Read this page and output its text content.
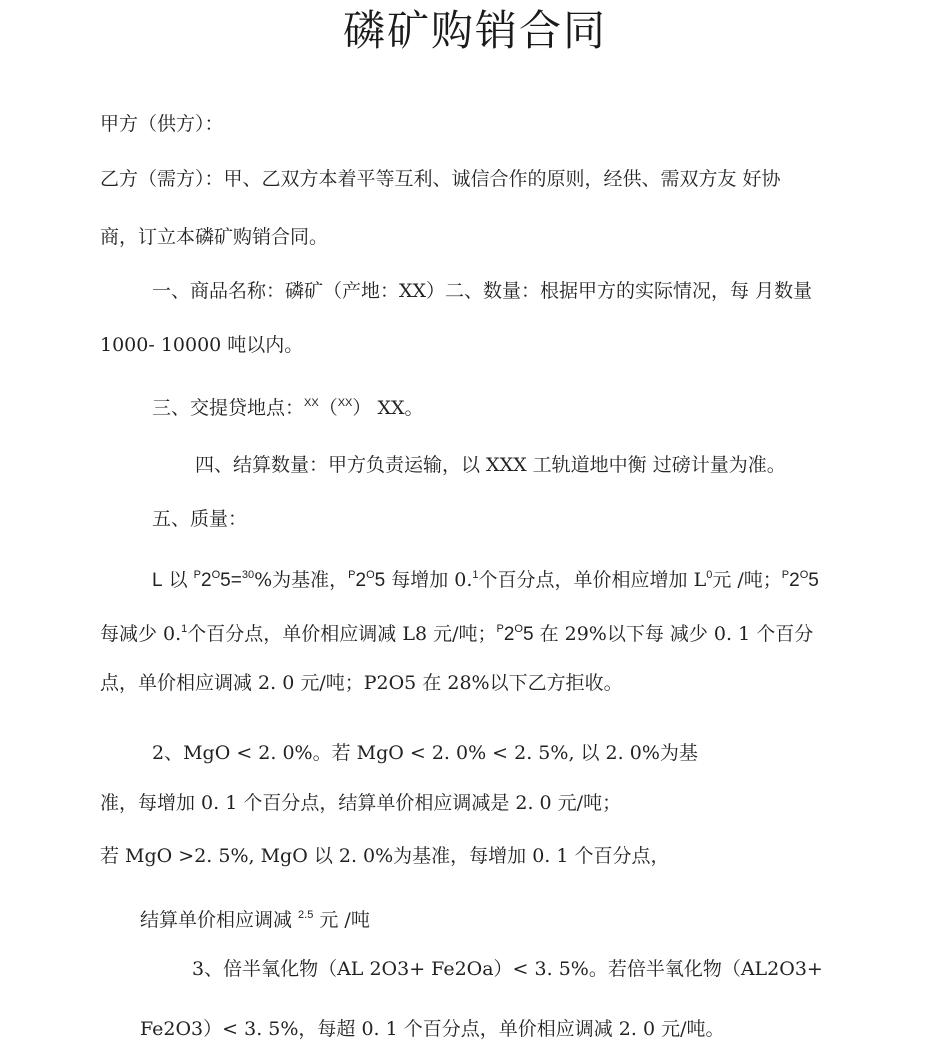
磷矿购销合同
甲方（供方）：
乙方（需方）：甲、乙双方本着平等互利、诚信合作的原则，经供、需双方友 好协
商，订立本磷矿购销合同。
一、商品名称：磷矿（产地：XX）二、数量：根据甲方的实际情况，每 月数量
1000- 10000 吨以内。
三、交提贷地点：$^{XX}$（$^{XX}$） XX。
四、结算数量：甲方负责运输，以 XXX 工轨道地中衡 过磅计量为准。
五、质量：
L 以 $^P2^O5=^{30}\%$为基准，$^P2^O5$ 每增加 0.$^1$个百分点，单价相应增加 $L^0$元 /吨；$^P2^O5$
每减少 0.$^1$个百分点，单价相应调减 L8 元/吨；$^P2^O5$ 在 29%以下每 减少 0. 1 个百分
点，单价相应调减 2. 0 元/吨；P2O5 在 28%以下乙方拒收。
2、MgO < 2. 0%。若 MgO < 2. 0% < 2. 5%, 以 2. 0%为基
准，每增加 0. 1 个百分点，结算单价相应调减是 2. 0 元/吨；
若 MgO >2. 5%, MgO 以 2. 0%为基准，每增加 0. 1 个百分点，
结算单价相应调减 $^{2.5}$ 元 /吨
3、倍半氧化物（AL 2O3+ Fe2Oa）< 3. 5%。若倍半氧化物（AL2O3+
Fe2O3）< 3. 5%，每超 0. 1 个百分点，单价相应调减 2. 0 元/吨。
